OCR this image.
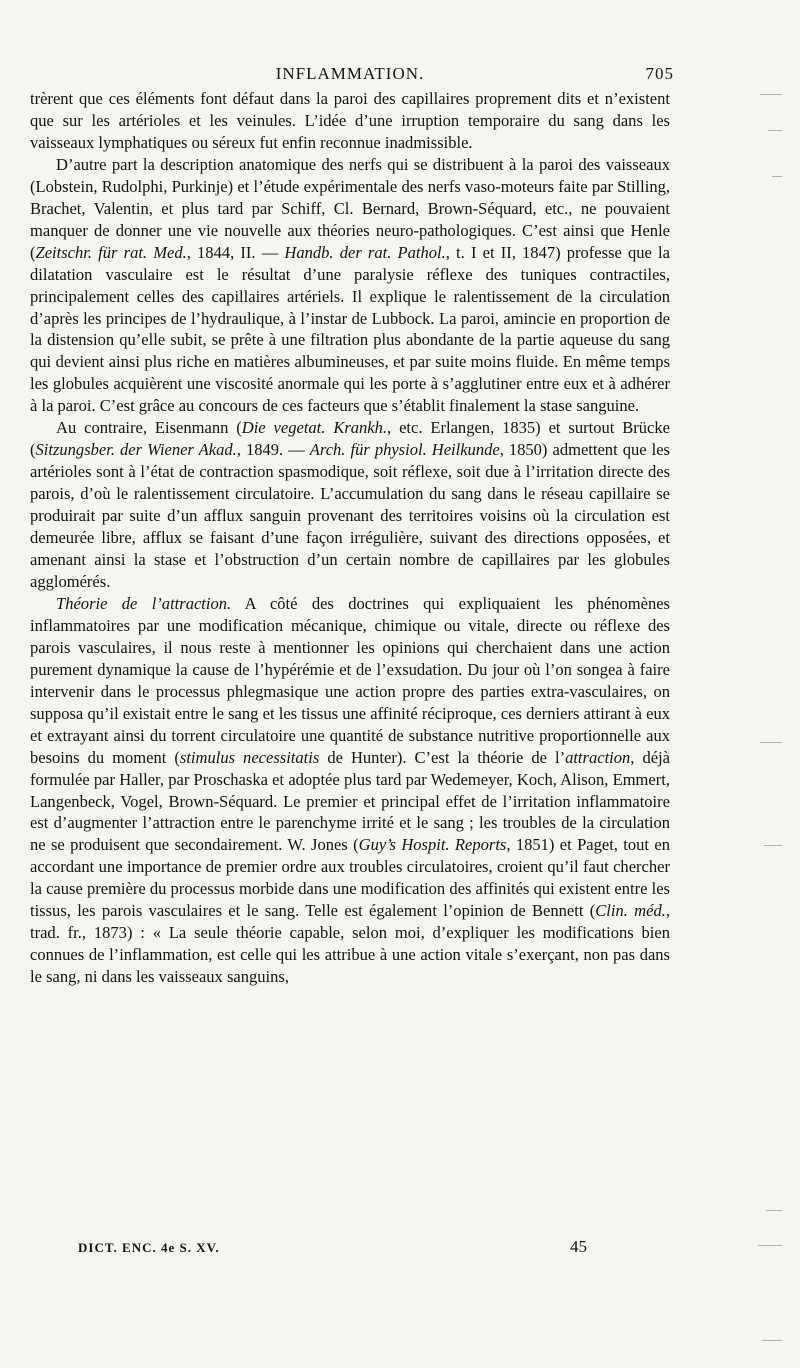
INFLAMMATION.	705

trèrent que ces éléments font défaut dans la paroi des capillaires proprement dits et n’existent que sur les artérioles et les veinules. L’idée d’une irruption temporaire du sang dans les vaisseaux lymphatiques ou séreux fut enfin reconnue inadmissible.

D’autre part la description anatomique des nerfs qui se distribuent à la paroi des vaisseaux (Lobstein, Rudolphi, Purkinje) et l’étude expérimentale des nerfs vaso-moteurs faite par Stilling, Brachet, Valentin, et plus tard par Schiff, Cl. Bernard, Brown-Séquard, etc., ne pouvaient manquer de donner une vie nouvelle aux théories neuro-pathologiques. C’est ainsi que Henle (Zeitschr. für rat. Med., 1844, II. — Handb. der rat. Pathol., t. I et II, 1847) professe que la dilatation vasculaire est le résultat d’une paralysie réflexe des tuniques contractiles, principalement celles des capillaires artériels. Il explique le ralentissement de la circulation d’après les principes de l’hydraulique, à l’instar de Lubbock. La paroi, amincie en proportion de la distension qu’elle subit, se prête à une filtration plus abondante de la partie aqueuse du sang qui devient ainsi plus riche en matières albumineuses, et par suite moins fluide. En même temps les globules acquièrent une viscosité anormale qui les porte à s’agglutiner entre eux et à adhérer à la paroi. C’est grâce au concours de ces facteurs que s’établit finalement la stase sanguine.

Au contraire, Eisenmann (Die vegetat. Krankh., etc. Erlangen, 1835) et surtout Brücke (Sitzungsber. der Wiener Akad., 1849. — Arch. für physiol. Heilkunde, 1850) admettent que les artérioles sont à l’état de contraction spasmodique, soit réflexe, soit due à l’irritation directe des parois, d’où le ralentissement circulatoire. L’accumulation du sang dans le réseau capillaire se produirait par suite d’un afflux sanguin provenant des territoires voisins où la circulation est demeurée libre, afflux se faisant d’une façon irrégulière, suivant des directions opposées, et amenant ainsi la stase et l’obstruction d’un certain nombre de capillaires par les globules agglomérés.

Théorie de l’attraction. A côté des doctrines qui expliquaient les phénomènes inflammatoires par une modification mécanique, chimique ou vitale, directe ou réflexe des parois vasculaires, il nous reste à mentionner les opinions qui cherchaient dans une action purement dynamique la cause de l’hypérémie et de l’exsudation. Du jour où l’on songea à faire intervenir dans le processus phlegmasique une action propre des parties extra-vasculaires, on supposa qu’il existait entre le sang et les tissus une affinité réciproque, ces derniers attirant à eux et extrayant ainsi du torrent circulatoire une quantité de substance nutritive proportionnelle aux besoins du moment (stimulus necessitatis de Hunter). C’est la théorie de l’attraction, déjà formulée par Haller, par Proschaska et adoptée plus tard par Wedemeyer, Koch, Alison, Emmert, Langenbeck, Vogel, Brown-Séquard. Le premier et principal effet de l’irritation inflammatoire est d’augmenter l’attraction entre le parenchyme irrité et le sang ; les troubles de la circulation ne se produisent que secondairement. W. Jones (Guy’s Hospit. Reports, 1851) et Paget, tout en accordant une importance de premier ordre aux troubles circulatoires, croient qu’il faut chercher la cause première du processus morbide dans une modification des affinités qui existent entre les tissus, les parois vasculaires et le sang. Telle est également l’opinion de Bennett (Clin. méd., trad. fr., 1873) : « La seule théorie capable, selon moi, d’expliquer les modifications bien connues de l’inflammation, est celle qui les attribue à une action vitale s’exerçant, non pas dans le sang, ni dans les vaisseaux sanguins,

DICT. ENC. 4e S. XV.	45
